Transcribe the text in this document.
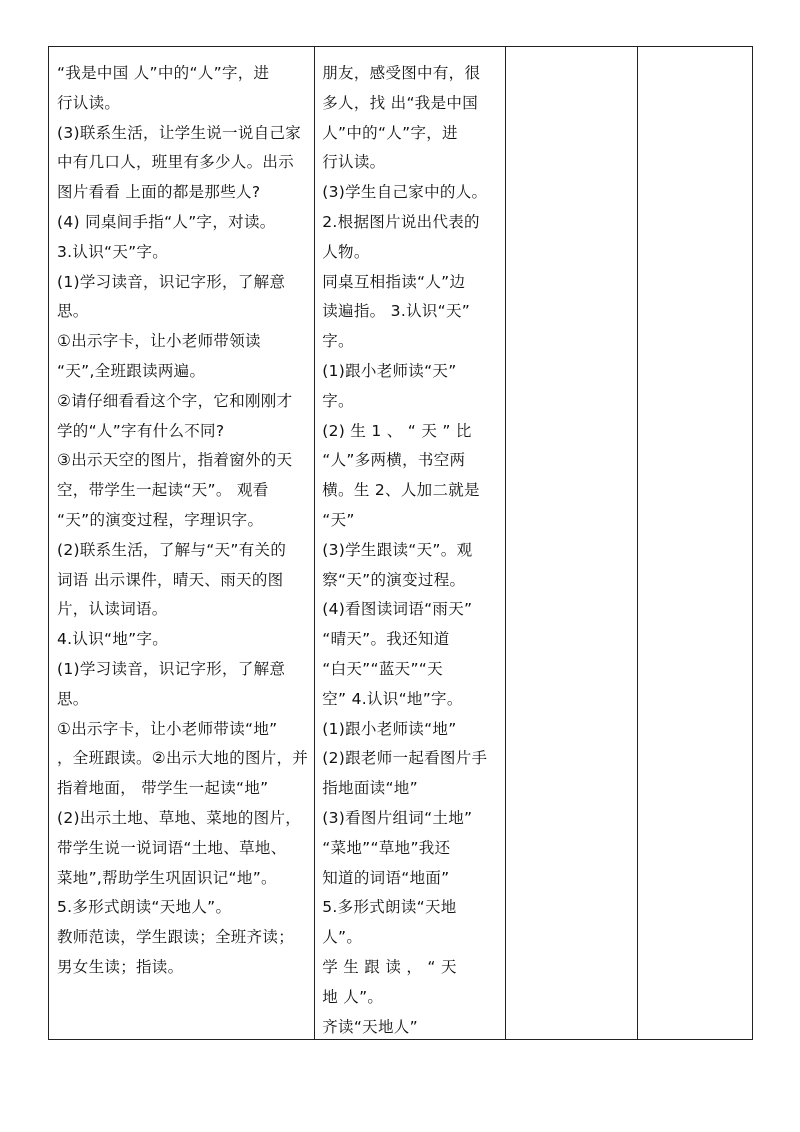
“我是中国 人”中的“人”字，进
行认读。
(3)联系生活，让学生说一说自己家
中有几口人，班里有多少人。出示
图片看看 上面的都是那些人?
(4) 同桌间手指“人”字，对读。
3.认识“天”字。
(1)学习读音，识记字形，了解意
思。
①出示字卡，让小老师带领读
“天”,全班跟读两遍。
②请仔细看看这个字，它和刚刚才
学的“人”字有什么不同?
③出示天空的图片，指着窗外的天
空，带学生一起读“天”。 观看
“天”的演变过程，字理识字。
(2)联系生活，了解与“天”有关的
词语 出示课件，晴天、雨天的图
片，认读词语。
4.认识“地”字。
(1)学习读音，识记字形，了解意
思。
①出示字卡，让小老师带读“地”
，全班跟读。②出示大地的图片，并
指着地面， 带学生一起读“地”
(2)出示土地、草地、菜地的图片，
带学生说一说词语“土地、草地、
菜地”,帮助学生巩固识记“地”。
5.多形式朗读“天地人”。
教师范读，学生跟读；全班齐读；
男女生读；指读。
朋友，感受图中有，很
多人，找 出“我是中国
人”中的“人”字，进
行认读。
(3)学生自己家中的人。
2.根据图片说出代表的
人物。
同桌互相指读“人”边
读遍指。 3.认识“天”
字。
(1)跟小老师读“天”
字。
(2) 生 1 、 “ 天 ” 比
“人”多两横，书空两
横。生 2、人加二就是
“天”
(3)学生跟读“天”。观
察“天”的演变过程。
(4)看图读词语“雨天”
“晴天”。我还知道
“白天”“蓝天”“天
空” 4.认识“地”字。
(1)跟小老师读“地”
(2)跟老师一起看图片手
指地面读“地”
(3)看图片组词“土地”
“菜地”“草地”我还
知道的词语“地面”
5.多形式朗读“天地
人”。
学 生 跟 读 ， “ 天
地 人”。
齐读“天地人”
